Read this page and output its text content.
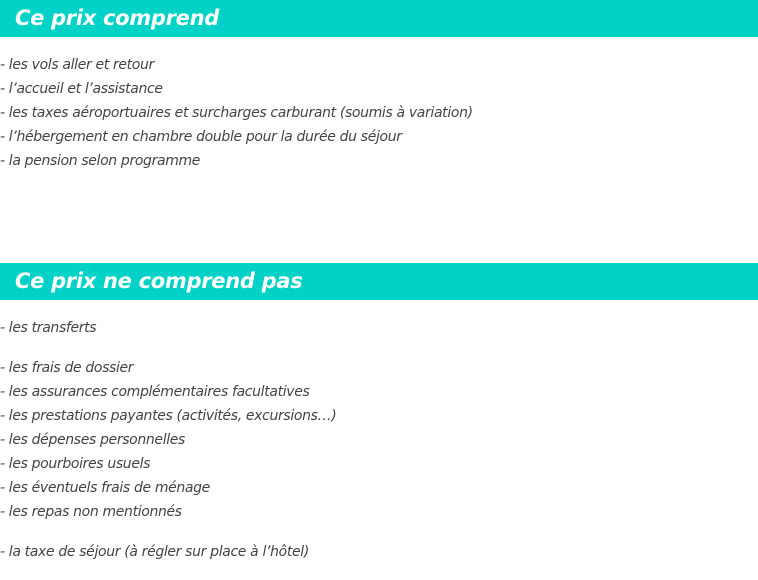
Ce prix comprend
- les vols aller et retour
- l’accueil et l’assistance
- les taxes aéroportuaires et surcharges carburant (soumis à variation)
- l’hébergement en chambre double pour la durée du séjour
- la pension selon programme
Ce prix ne comprend pas
- les transferts
- les frais de dossier
- les assurances complémentaires facultatives
- les prestations payantes (activités, excursions…)
- les dépenses personnelles
- les pourboires usuels
- les éventuels frais de ménage
- les repas non mentionnés
- la taxe de séjour (à régler sur place à l’hôtel)
